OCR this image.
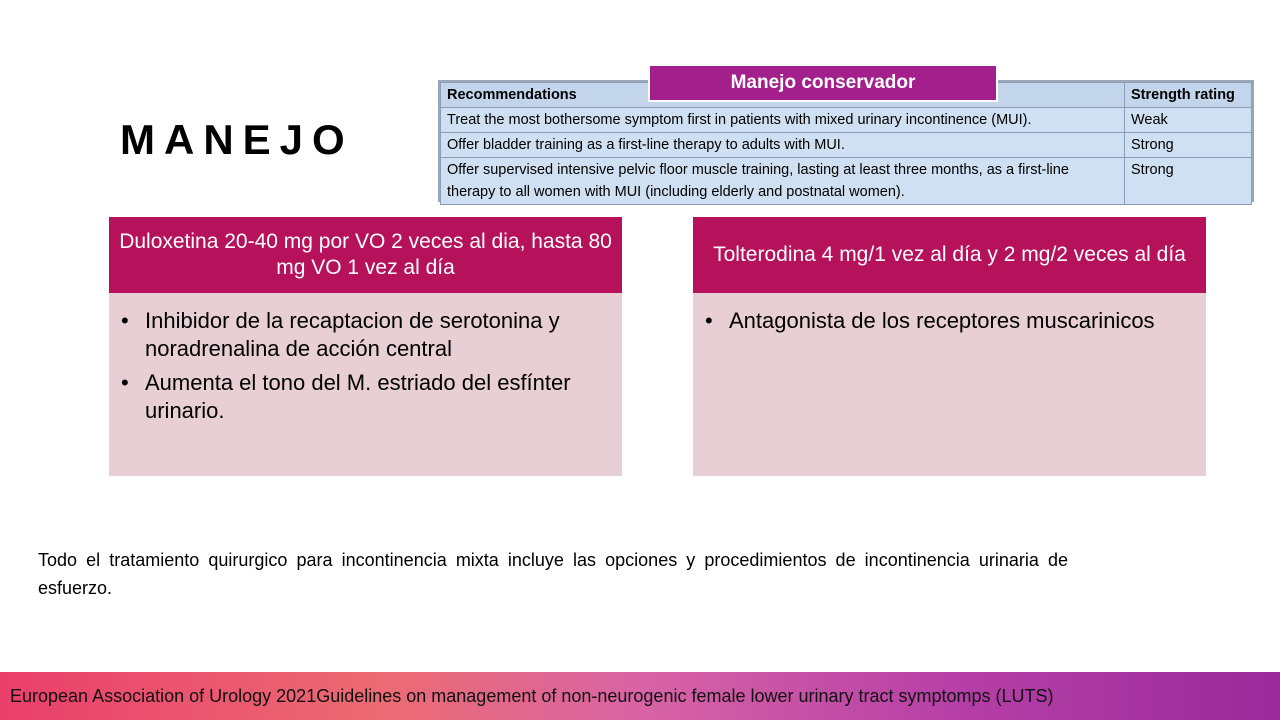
MANEJO
Recommendations	Strength rating
Treat the most bothersome symptom first in patients with mixed urinary incontinence (MUI).	Weak
Offer bladder training as a first-line therapy to adults with MUI.	Strong
Offer supervised intensive pelvic floor muscle training, lasting at least three months, as a first-line therapy to all women with MUI (including elderly and postnatal women).	Strong
Manejo conservador
Duloxetina 20-40 mg por VO 2 veces al dia, hasta 80 mg VO 1 vez al día
• Inhibidor de la recaptacion de serotonina y noradrenalina de acción central
• Aumenta el tono del M. estriado del esfínter urinario.
Tolterodina 4 mg/1 vez al día y 2 mg/2 veces al día
• Antagonista de los receptores muscarinicos
Todo el tratamiento quirurgico para incontinencia mixta incluye las opciones y procedimientos de incontinencia urinaria de esfuerzo.
European Association of Urology 2021Guidelines on management of non-neurogenic female lower urinary tract symptomps (LUTS)
